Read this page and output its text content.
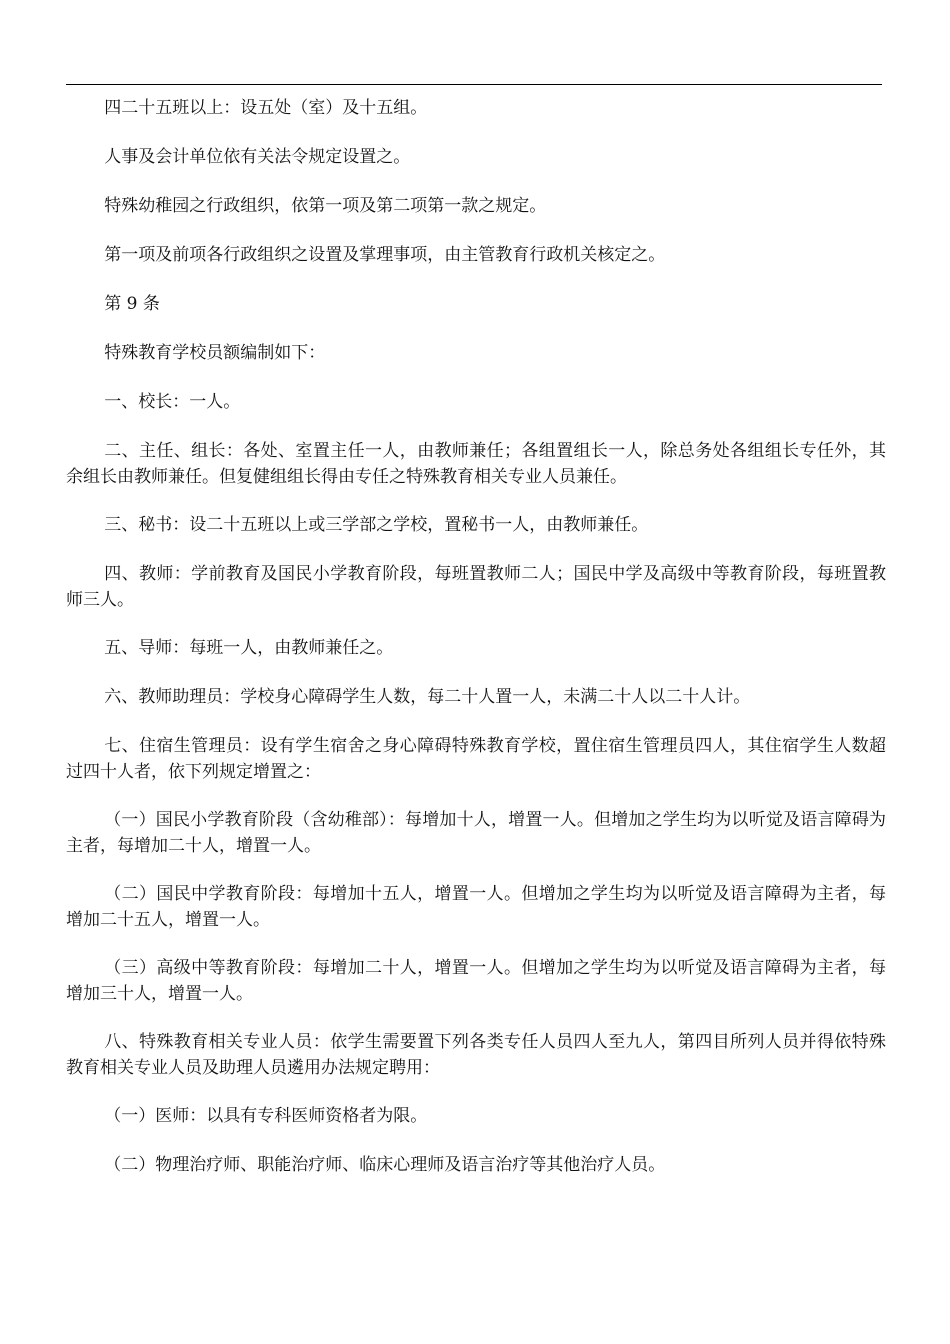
四二十五班以上：设五处（室）及十五组。

人事及会计单位依有关法令规定设置之。

特殊幼稚园之行政组织，依第一项及第二项第一款之规定。

第一项及前项各行政组织之设置及掌理事项，由主管教育行政机关核定之。

第 9 条

特殊教育学校员额编制如下：

一、校长：一人。

二、主任、组长：各处、室置主任一人，由教师兼任；各组置组长一人，除总务处各组组长专任外，其余组长由教师兼任。但复健组组长得由专任之特殊教育相关专业人员兼任。

三、秘书：设二十五班以上或三学部之学校，置秘书一人，由教师兼任。

四、教师：学前教育及国民小学教育阶段，每班置教师二人；国民中学及高级中等教育阶段，每班置教师三人。

五、导师：每班一人，由教师兼任之。

六、教师助理员：学校身心障碍学生人数，每二十人置一人，未满二十人以二十人计。

七、住宿生管理员：设有学生宿舍之身心障碍特殊教育学校，置住宿生管理员四人，其住宿学生人数超过四十人者，依下列规定增置之：

（一）国民小学教育阶段（含幼稚部）：每增加十人，增置一人。但增加之学生均为以听觉及语言障碍为主者，每增加二十人，增置一人。

（二）国民中学教育阶段：每增加十五人，增置一人。但增加之学生均为以听觉及语言障碍为主者，每增加二十五人，增置一人。

（三）高级中等教育阶段：每增加二十人，增置一人。但增加之学生均为以听觉及语言障碍为主者，每增加三十人，增置一人。

八、特殊教育相关专业人员：依学生需要置下列各类专任人员四人至九人，第四目所列人员并得依特殊教育相关专业人员及助理人员遴用办法规定聘用：

（一）医师：以具有专科医师资格者为限。

（二）物理治疗师、职能治疗师、临床心理师及语言治疗等其他治疗人员。
